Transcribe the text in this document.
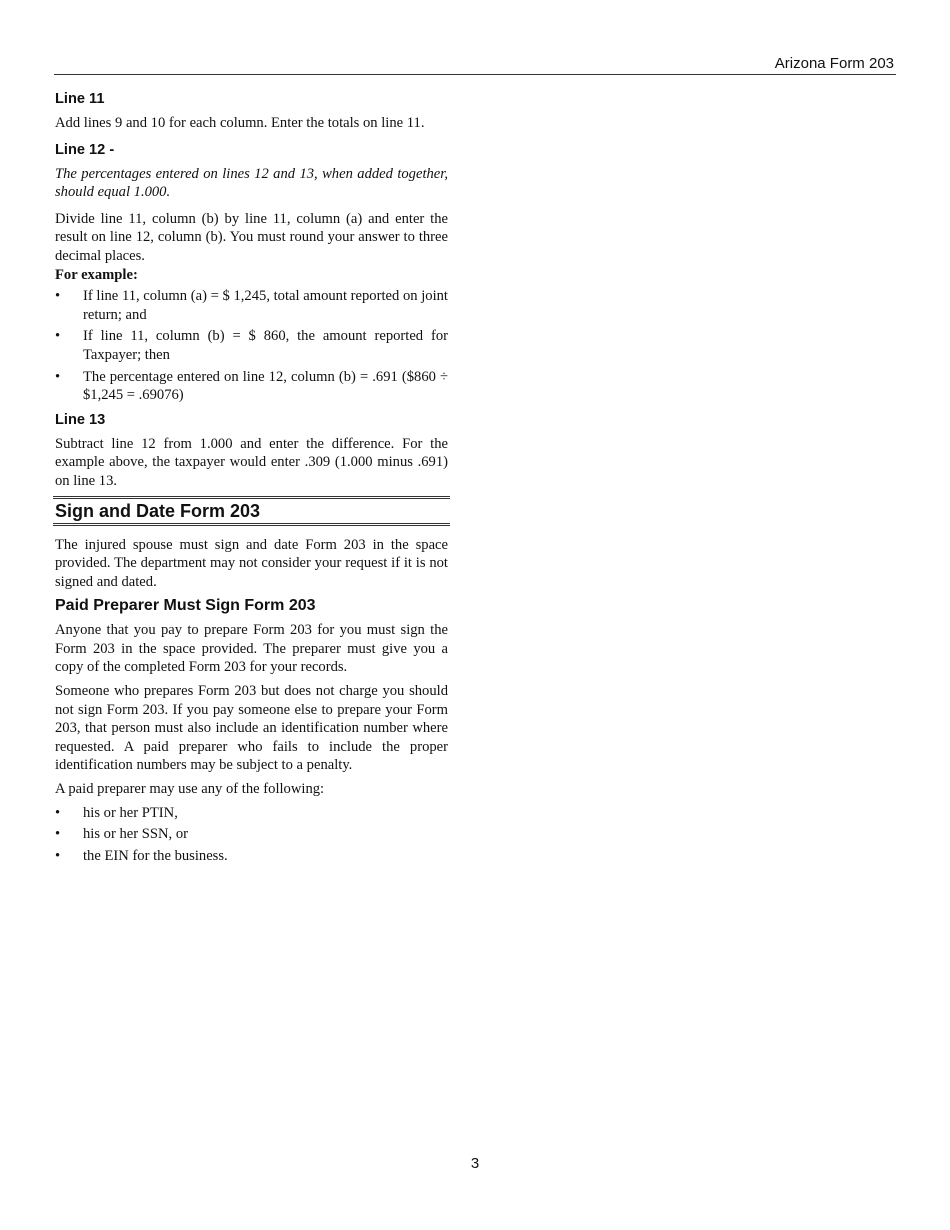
Arizona Form 203
Line 11

Add lines 9 and 10 for each column. Enter the totals on line 11.

Line 12 -

The percentages entered on lines 12 and 13, when added together, should equal 1.000.

Divide line 11, column (b) by line 11, column (a) and enter the result on line 12, column (b). You must round your answer to three decimal places.

For example:
•	If line 11, column (a) = $ 1,245, total amount reported on joint return; and
•	If line 11, column (b) = $ 860, the amount reported for Taxpayer; then
•	The percentage entered on line 12, column (b) = .691 ($860 ÷ $1,245 = .69076)
Line 13

Subtract line 12 from 1.000 and enter the difference. For the example above, the taxpayer would enter .309 (1.000 minus .691) on line 13.

Sign and Date Form 203

The injured spouse must sign and date Form 203 in the space provided. The department may not consider your request if it is not signed and dated.

Paid Preparer Must Sign Form 203

Anyone that you pay to prepare Form 203 for you must sign the Form 203 in the space provided. The preparer must give you a copy of the completed Form 203 for your records.

Someone who prepares Form 203 but does not charge you should not sign Form 203. If you pay someone else to prepare your Form 203, that person must also include an identification number where requested. A paid preparer who fails to include the proper identification numbers may be subject to a penalty.

A paid preparer may use any of the following:

•	his or her PTIN,
•	his or her SSN, or
•	the EIN for the business.
3
